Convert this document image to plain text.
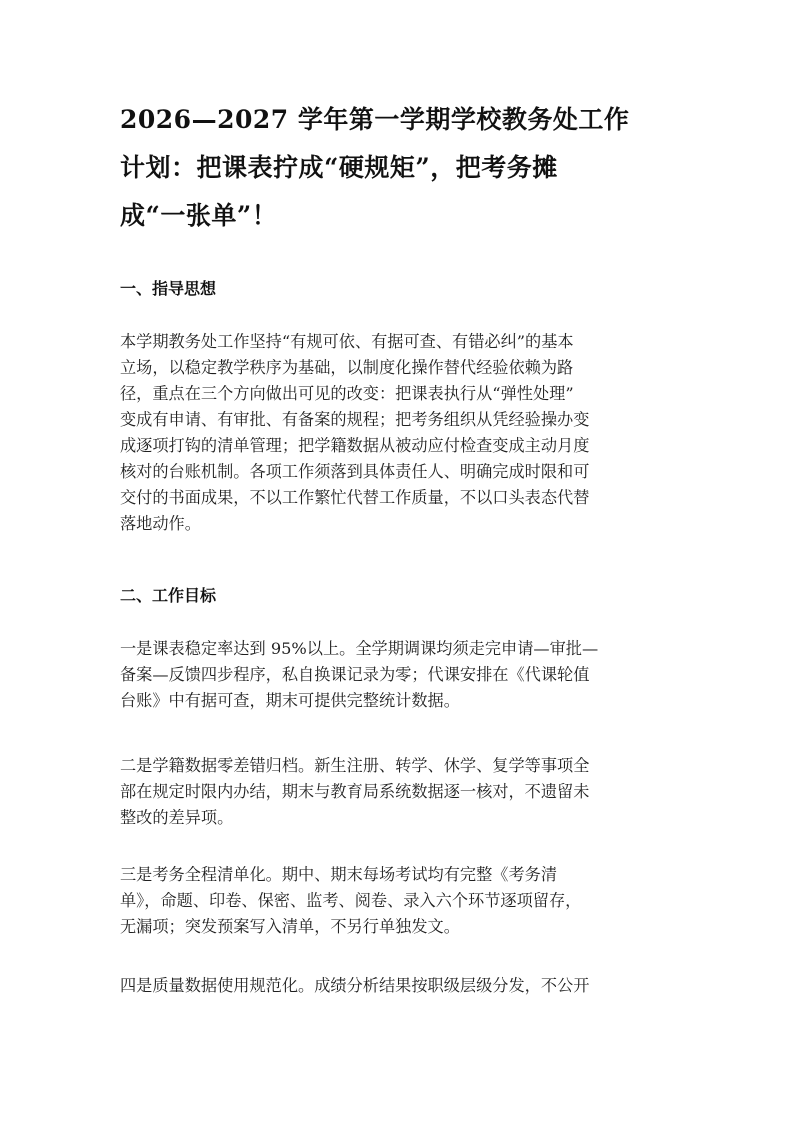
2026—2027 学年第一学期学校教务处工作
计划：把课表拧成“硬规矩”，把考务摊
成“一张单”！
一、指导思想
本学期教务处工作坚持“有规可依、有据可查、有错必纠”的基本
立场，以稳定教学秩序为基础，以制度化操作替代经验依赖为路
径，重点在三个方向做出可见的改变：把课表执行从“弹性处理”
变成有申请、有审批、有备案的规程；把考务组织从凭经验操办变
成逐项打钩的清单管理；把学籍数据从被动应付检查变成主动月度
核对的台账机制。各项工作须落到具体责任人、明确完成时限和可
交付的书面成果，不以工作繁忙代替工作质量，不以口头表态代替
落地动作。
二、工作目标
一是课表稳定率达到 95%以上。全学期调课均须走完申请—审批—
备案—反馈四步程序，私自换课记录为零；代课安排在《代课轮值
台账》中有据可查，期末可提供完整统计数据。
二是学籍数据零差错归档。新生注册、转学、休学、复学等事项全
部在规定时限内办结，期末与教育局系统数据逐一核对，不遗留未
整改的差异项。
三是考务全程清单化。期中、期末每场考试均有完整《考务清
单》，命题、印卷、保密、监考、阅卷、录入六个环节逐项留存，
无漏项；突发预案写入清单，不另行单独发文。
四是质量数据使用规范化。成绩分析结果按职级层级分发，不公开
